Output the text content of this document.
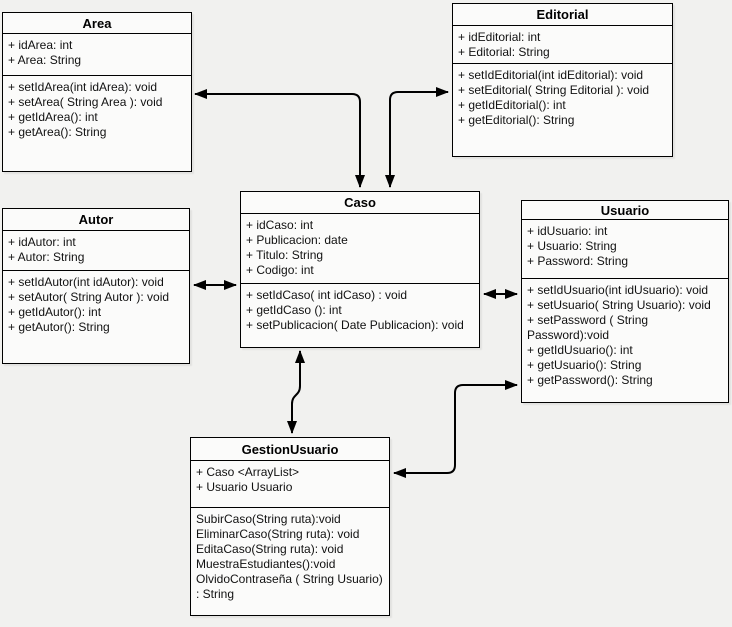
Area
+ idArea: int
+ Area: String
+ setIdArea(int idArea): void
+ setArea( String Area ): void
+ getIdArea(): int
+ getArea(): String
Editorial
+ idEditorial: int
+ Editorial: String
+ setIdEditorial(int idEditorial): void
+ setEditorial( String Editorial ): void
+ getIdEditorial(): int
+ getEditorial(): String
Autor
+ idAutor: int
+ Autor: String
+ setIdAutor(int idAutor): void
+ setAutor( String Autor ): void
+ getIdAutor(): int
+ getAutor(): String
Caso
+ idCaso: int
+ Publicacion: date
+ Titulo: String
+ Codigo: int
+ setIdCaso( int idCaso) : void
+ getIdCaso (): int
+ setPublicacion( Date Publicacion): void
Usuario
+ idUsuario: int
+ Usuario: String
+ Password: String
+ setIdUsuario(int idUsuario): void
+ setUsuario( String Usuario): void
+ setPassword ( String Password):void
+ getIdUsuario(): int
+ getUsuario(): String
+ getPassword(): String
GestionUsuario
+ Caso <ArrayList>
+ Usuario Usuario
SubirCaso(String ruta):void
EliminarCaso(String ruta): void
EditaCaso(String ruta): void
MuestraEstudiantes():void
OlvidoContraseña ( String Usuario) : String
